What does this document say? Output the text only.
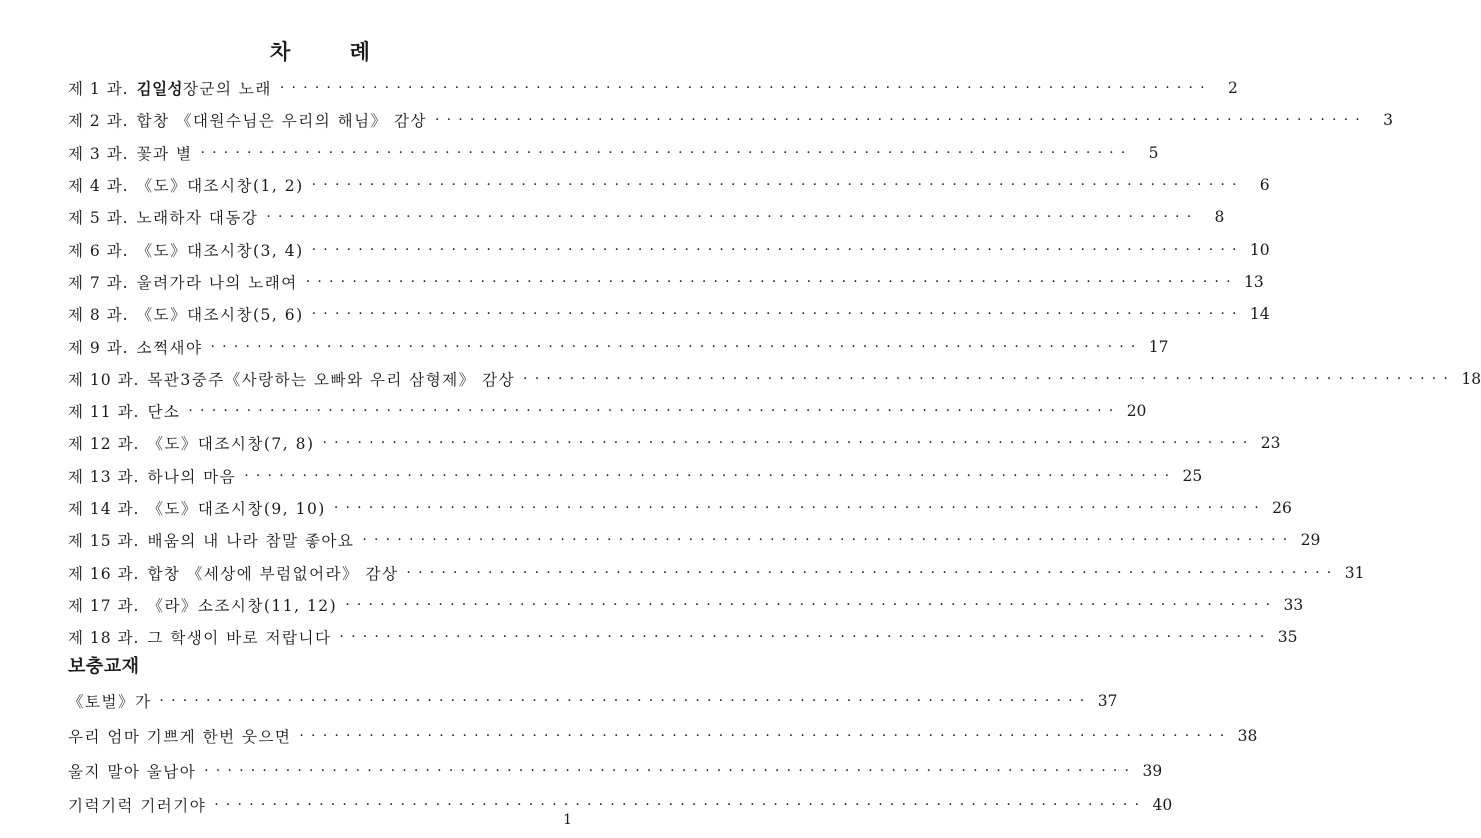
차 례
제 1 과. 김일성장군의 노래 ················································································	2
제 2 과. 합창 《대원수님은 우리의 해님》 감상 ················································································	3
제 3 과. 꽃과 별 ················································································	5
제 4 과. 《도》대조시창(1, 2) ················································································	6
제 5 과. 노래하자 대동강 ················································································	8
제 6 과. 《도》대조시창(3, 4) ················································································ 10
제 7 과. 울려가라 나의 노래여 ················································································ 13
제 8 과. 《도》대조시창(5, 6) ················································································ 14
제 9 과. 소쩍새야 ················································································ 17
제 10 과. 목관3중주《사랑하는 오빠와 우리 삼형제》 감상 ················································································ 18
제 11 과. 단소 ················································································ 20
제 12 과. 《도》대조시창(7, 8) ················································································ 23
제 13 과. 하나의 마음 ················································································ 25
제 14 과. 《도》대조시창(9, 10) ················································································ 26
제 15 과. 배움의 내 나라 참말 좋아요 ················································································ 29
제 16 과. 합창 《세상에 부럼없어라》 감상 ················································································ 31
제 17 과. 《라》소조시창(11, 12) ················································································ 33
제 18 과. 그 학생이 바로 저랍니다 ················································································ 35
보충교재
《토벌》가 ················································································ 37
우리 엄마 기쁘게 한번 웃으면 ················································································ 38
울지 말아 울남아 ················································································ 39
기럭기럭 기러기야 ················································································ 40
1
